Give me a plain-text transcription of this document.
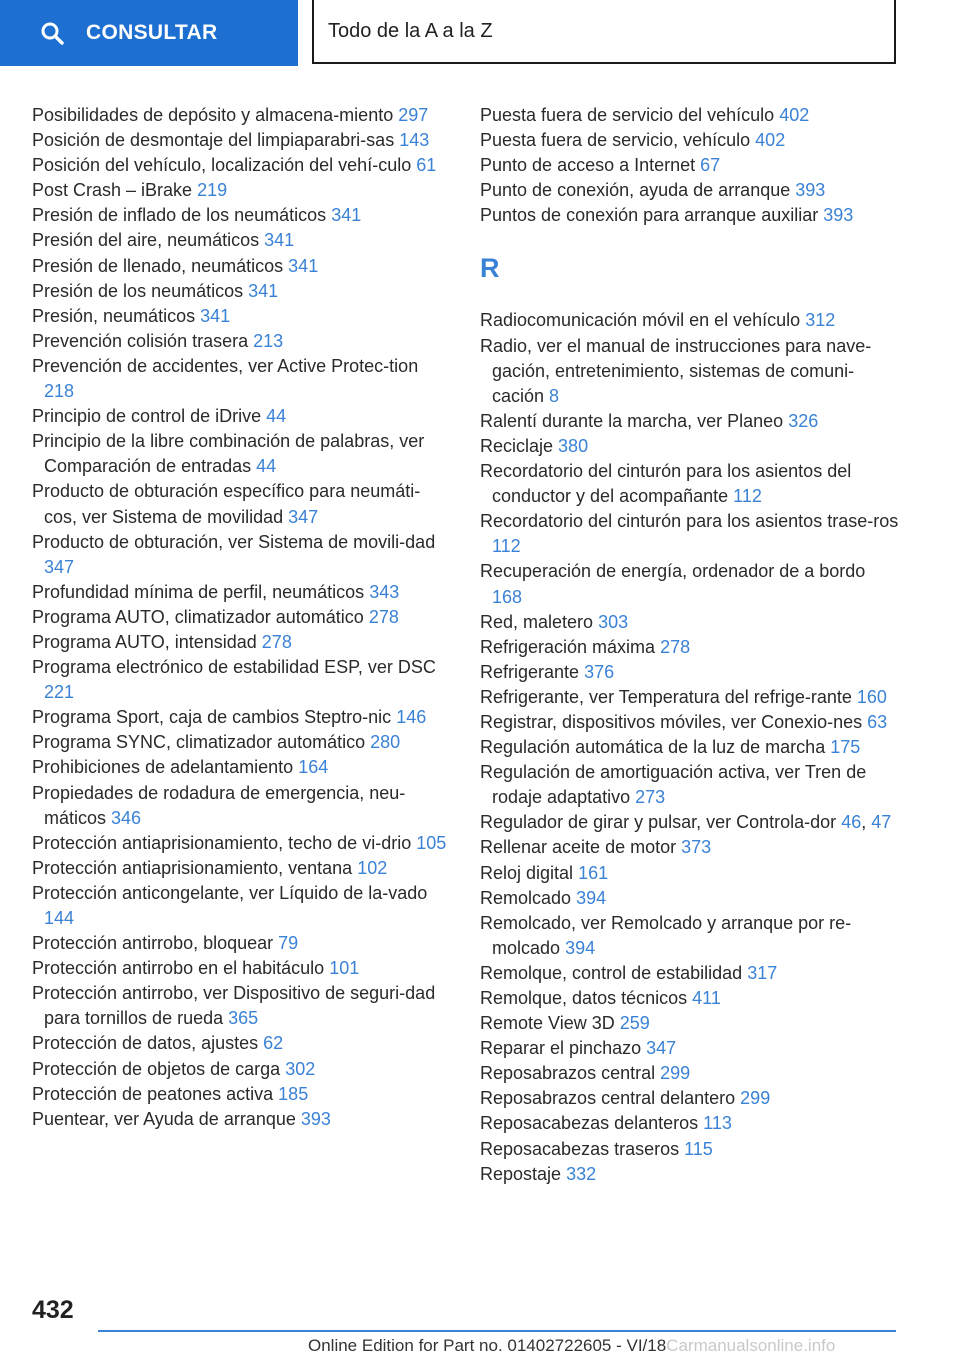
CONSULTAR	Todo de la A a la Z
Posibilidades de depósito y almacena-miento 297
Posición de desmontaje del limpiaparabri-sas 143
Posición del vehículo, localización del vehí-culo 61
Post Crash – iBrake 219
Presión de inflado de los neumáticos 341
Presión del aire, neumáticos 341
Presión de llenado, neumáticos 341
Presión de los neumáticos 341
Presión, neumáticos 341
Prevención colisión trasera 213
Prevención de accidentes, ver Active Protec-tion 218
Principio de control de iDrive 44
Principio de la libre combinación de palabras, ver Comparación de entradas 44
Producto de obturación específico para neumáti-cos, ver Sistema de movilidad 347
Producto de obturación, ver Sistema de movili-dad 347
Profundidad mínima de perfil, neumáticos 343
Programa AUTO, climatizador automático 278
Programa AUTO, intensidad 278
Programa electrónico de estabilidad ESP, ver DSC 221
Programa Sport, caja de cambios Steptro-nic 146
Programa SYNC, climatizador automático 280
Prohibiciones de adelantamiento 164
Propiedades de rodadura de emergencia, neu-máticos 346
Protección antiaprisionamiento, techo de vi-drio 105
Protección antiaprisionamiento, ventana 102
Protección anticongelante, ver Líquido de la-vado 144
Protección antirrobo, bloquear 79
Protección antirrobo en el habitáculo 101
Protección antirrobo, ver Dispositivo de seguri-dad para tornillos de rueda 365
Protección de datos, ajustes 62
Protección de objetos de carga 302
Protección de peatones activa 185
Puentear, ver Ayuda de arranque 393
Puesta fuera de servicio del vehículo 402
Puesta fuera de servicio, vehículo 402
Punto de acceso a Internet 67
Punto de conexión, ayuda de arranque 393
Puntos de conexión para arranque auxiliar 393
R
Radiocomunicación móvil en el vehículo 312
Radio, ver el manual de instrucciones para nave-gación, entretenimiento, sistemas de comuni-cación 8
Ralentí durante la marcha, ver Planeo 326
Reciclaje 380
Recordatorio del cinturón para los asientos del conductor y del acompañante 112
Recordatorio del cinturón para los asientos trase-ros 112
Recuperación de energía, ordenador de a bordo 168
Red, maletero 303
Refrigeración máxima 278
Refrigerante 376
Refrigerante, ver Temperatura del refrige-rante 160
Registrar, dispositivos móviles, ver Conexio-nes 63
Regulación automática de la luz de marcha 175
Regulación de amortiguación activa, ver Tren de rodaje adaptativo 273
Regulador de girar y pulsar, ver Controla-dor 46, 47
Rellenar aceite de motor 373
Reloj digital 161
Remolcado 394
Remolcado, ver Remolcado y arranque por re-molcado 394
Remolque, control de estabilidad 317
Remolque, datos técnicos 411
Remote View 3D 259
Reparar el pinchazo 347
Reposabrazos central 299
Reposabrazos central delantero 299
Reposacabezas delanteros 113
Reposacabezas traseros 115
Repostaje 332
432
Online Edition for Part no. 01402722605 - VI/18Carmanualsonline.info
